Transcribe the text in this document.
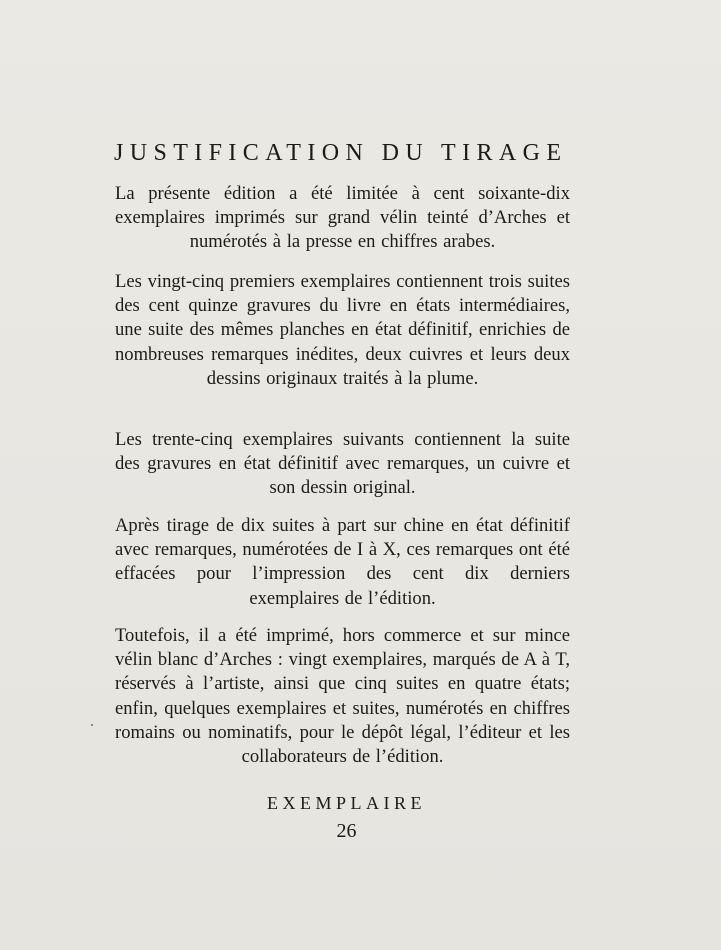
JUSTIFICATION DU TIRAGE

La présente édition a été limitée à cent soixante-dix exemplaires imprimés sur grand vélin teinté d’Arches et numérotés à la presse en chiffres arabes.

Les vingt-cinq premiers exemplaires contiennent trois suites des cent quinze gravures du livre en états intermédiaires, une suite des mêmes planches en état définitif, enrichies de nombreuses remarques inédites, deux cuivres et leurs deux dessins originaux traités à la plume.

Les trente-cinq exemplaires suivants contiennent la suite des gravures en état définitif avec remarques, un cuivre et son dessin original.

Après tirage de dix suites à part sur chine en état définitif avec remarques, numérotées de I à X, ces remarques ont été effacées pour l’impression des cent dix derniers exemplaires de l’édition.

Toutefois, il a été imprimé, hors commerce et sur mince vélin blanc d’Arches : vingt exemplaires, marqués de A à T, réservés à l’artiste, ainsi que cinq suites en quatre états; enfin, quelques exemplaires et suites, numérotés en chiffres romains ou nominatifs, pour le dépôt légal, l’éditeur et les collaborateurs de l’édition.

EXEMPLAIRE

26
